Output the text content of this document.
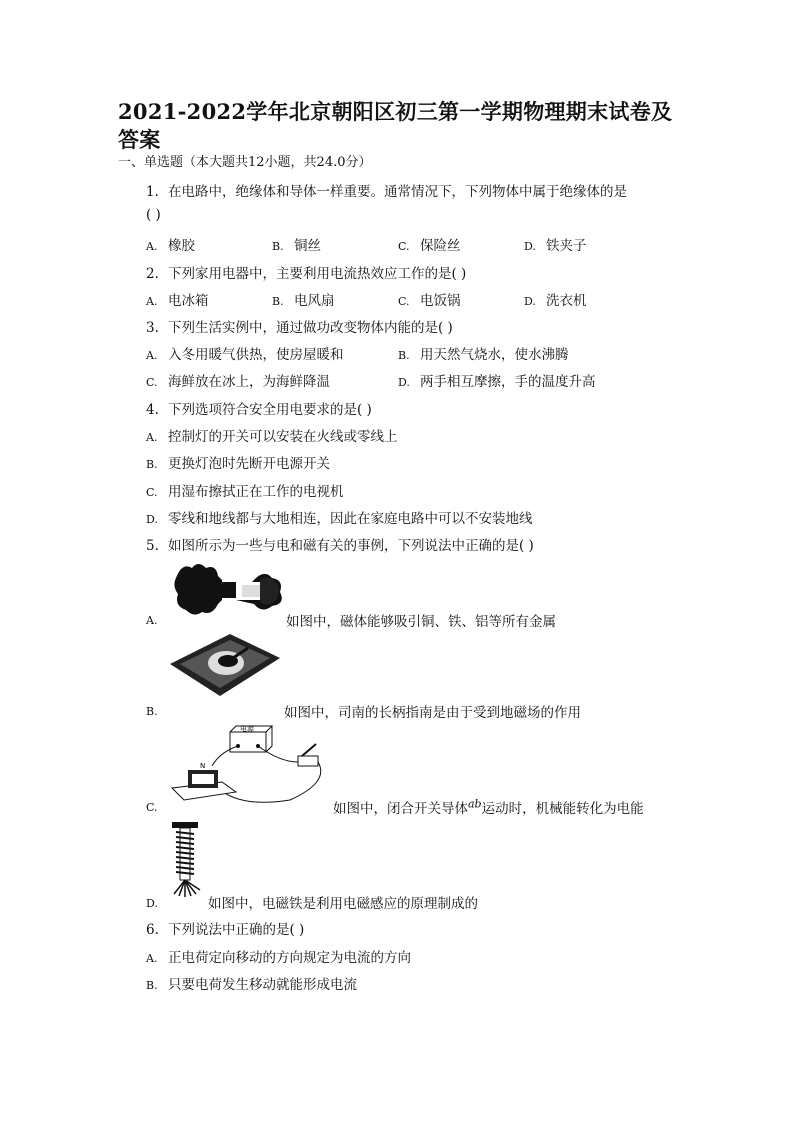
2021-2022学年北京朝阳区初三第一学期物理期末试卷及答案
一、单选题（本大题共12小题，共24.0分）
1. 在电路中，绝缘体和导体一样重要。通常情况下，下列物体中属于绝缘体的是
( )
A. 橡胶	B. 铜丝	C. 保险丝	D. 铁夹子
2. 下列家用电器中，主要利用电流热效应工作的是( )
A. 电冰箱	B. 电风扇	C. 电饭锅	D. 洗衣机
3. 下列生活实例中，通过做功改变物体内能的是( )
A. 入冬用暖气供热，使房屋暖和	B. 用天然气烧水，使水沸腾
C. 海鲜放在冰上，为海鲜降温	D. 两手相互摩擦，手的温度升高
4. 下列选项符合安全用电要求的是( )
A. 控制灯的开关可以安装在火线或零线上
B. 更换灯泡时先断开电源开关
C. 用湿布擦拭正在工作的电视机
D. 零线和地线都与大地相连，因此在家庭电路中可以不安装地线
5. 如图所示为一些与电和磁有关的事例，下列说法中正确的是( )
A.	如图中，磁体能够吸引铜、铁、铝等所有金属
B.	如图中，司南的长柄指南是由于受到地磁场的作用
电源
N
C.	如图中，闭合开关导体$^{ab}$运动时，机械能转化为电能
D.	如图中，电磁铁是利用电磁感应的原理制成的
6. 下列说法中正确的是( )
A. 正电荷定向移动的方向规定为电流的方向
B. 只要电荷发生移动就能形成电流
